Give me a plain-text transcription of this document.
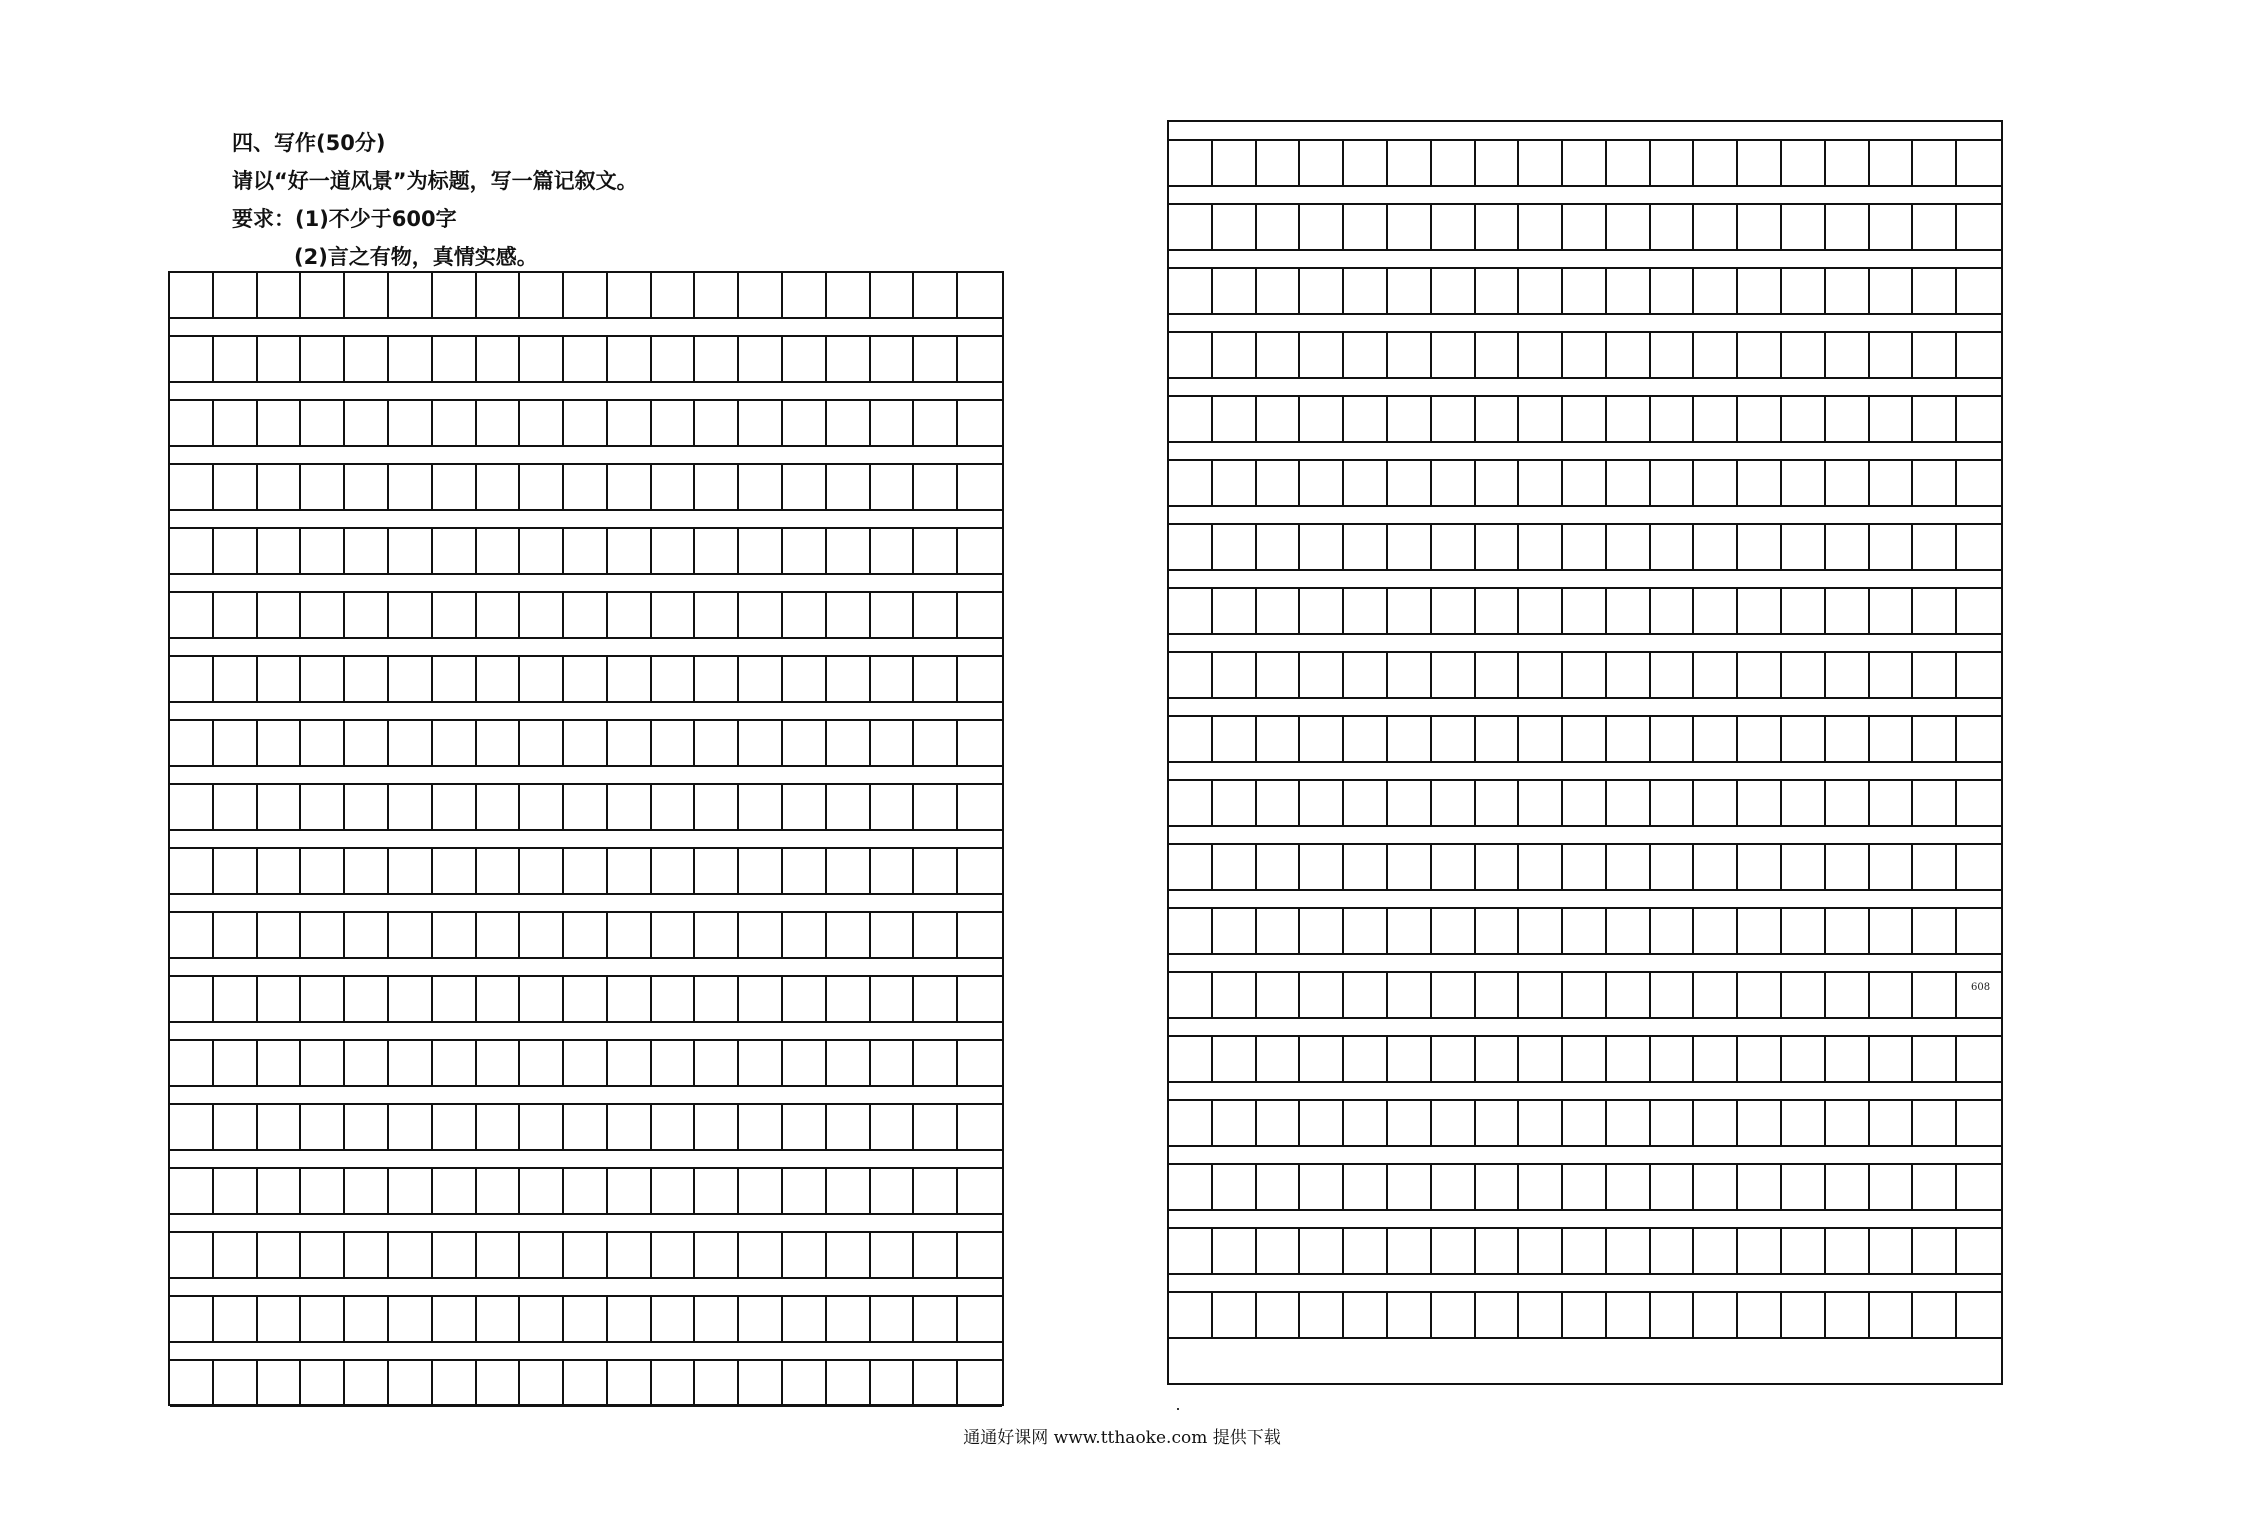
四、写作(50分)
请以“好一道风景”为标题，写一篇记叙文。
要求：(1)不少于600字
(2)言之有物，真情实感。
608
通通好课网 www.tthaoke.com 提供下载
